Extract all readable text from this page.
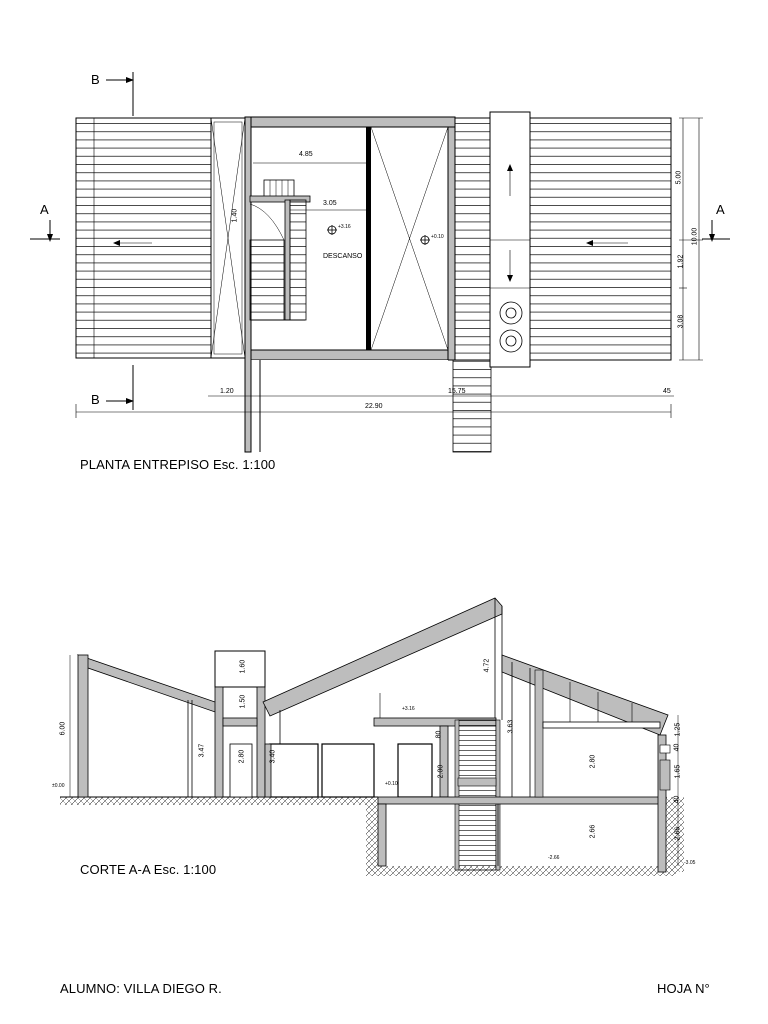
B
B
A	A
4.85
3.05
1.40
DESCANSO
+3.16
+0.10
5.00
10.00
1.92
3.08
1.20	15.75	45
22.90
PLANTA ENTREPISO Esc. 1:100
6.00
3.47	2.80
1.60
1.50
3.40
2.00
.80
4.72
3.63
2.80
2.66
1.25
40
1.65
40
2.66
±0.00
+3.16
+0.10
-2.66
-3.05
CORTE A-A Esc. 1:100
ALUMNO: VILLA DIEGO R.	HOJA N°
